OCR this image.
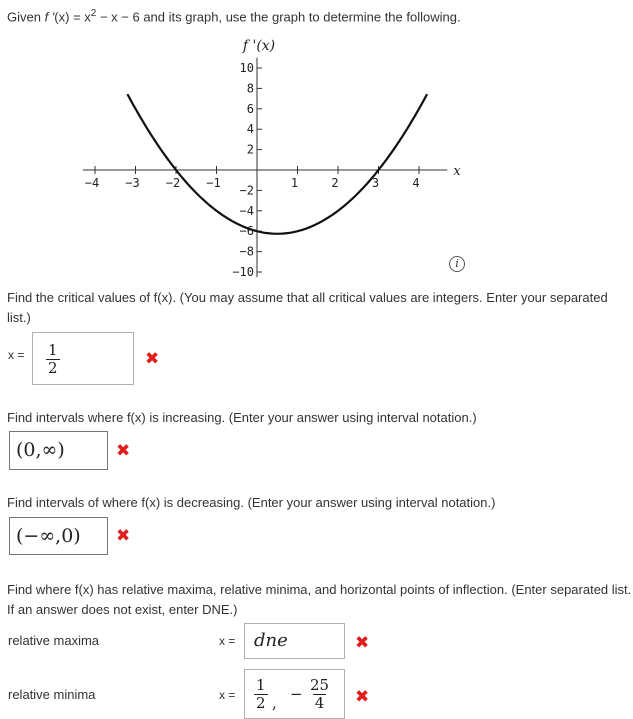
Given f '$(x) = x^2 - x - 6$ and its graph, use the graph to determine the following.
f '(x)
x
−4 −3 −2 −1	1	2	3	4
10
8
6
4
2
−2
−4
−6
−8
−10
i
Find the critical values of f(x). (You may assume that all critical values are integers. Enter your separated list.)
$x = \frac{1}{2}$	✖
Find intervals where f(x) is increasing. (Enter your answer using interval notation.)
(0,∞)	✖
Find intervals of where f(x) is decreasing. (Enter your answer using interval notation.)
(−∞,0) ✖
Find where f(x) has relative maxima, relative minima, and horizontal points of inflection. (Enter separated list. If an answer does not exist, enter DNE.)
relative maxima	x = dne	✖
relative minima	$x = \frac{1}{2}$ , − $\frac{25}{4}$ ✖
